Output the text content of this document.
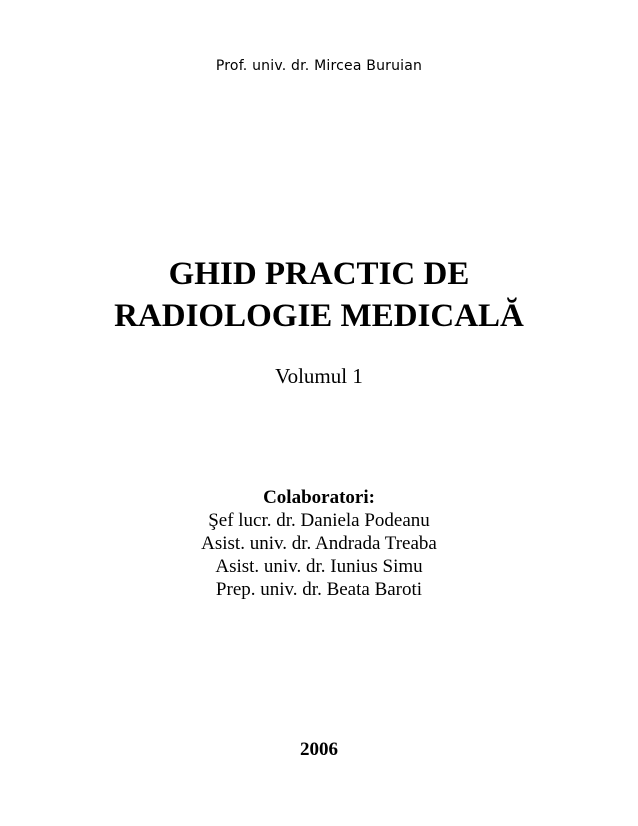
Prof. univ. dr. Mircea Buruian
GHID PRACTIC DE
RADIOLOGIE MEDICALĂ
Volumul 1
Colaboratori:
Şef lucr. dr. Daniela Podeanu
Asist. univ. dr. Andrada Treaba
Asist. univ. dr. Iunius Simu
Prep. univ. dr. Beata Baroti
2006
